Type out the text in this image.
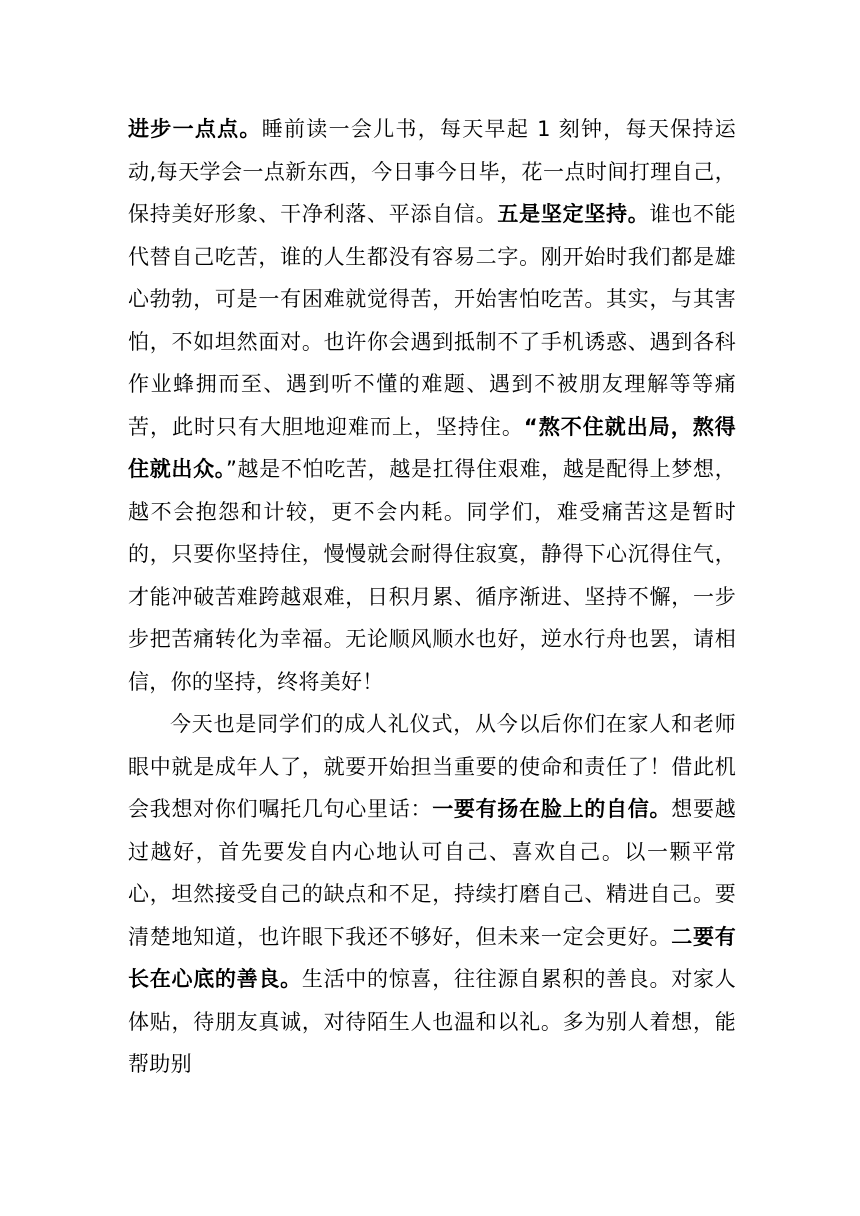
进步一点点。睡前读一会儿书，每天早起 1 刻钟，每天保持运动,每天学会一点新东西，今日事今日毕，花一点时间打理自己，保持美好形象、干净利落、平添自信。五是坚定坚持。谁也不能代替自己吃苦，谁的人生都没有容易二字。刚开始时我们都是雄心勃勃，可是一有困难就觉得苦，开始害怕吃苦。其实，与其害怕，不如坦然面对。也许你会遇到抵制不了手机诱惑、遇到各科作业蜂拥而至、遇到听不懂的难题、遇到不被朋友理解等等痛苦，此时只有大胆地迎难而上，坚持住。“熬不住就出局，熬得住就出众。”越是不怕吃苦，越是扛得住艰难，越是配得上梦想，越不会抱怨和计较，更不会内耗。同学们，难受痛苦这是暂时的，只要你坚持住，慢慢就会耐得住寂寞，静得下心沉得住气，才能冲破苦难跨越艰难，日积月累、循序渐进、坚持不懈，一步步把苦痛转化为幸福。无论顺风顺水也好，逆水行舟也罢，请相信，你的坚持，终将美好！

今天也是同学们的成人礼仪式，从今以后你们在家人和老师眼中就是成年人了，就要开始担当重要的使命和责任了！借此机会我想对你们嘱托几句心里话：一要有扬在脸上的自信。想要越过越好，首先要发自内心地认可自己、喜欢自己。以一颗平常心，坦然接受自己的缺点和不足，持续打磨自己、精进自己。要清楚地知道，也许眼下我还不够好，但未来一定会更好。二要有长在心底的善良。生活中的惊喜，往往源自累积的善良。对家人体贴，待朋友真诚，对待陌生人也温和以礼。多为别人着想，能帮助别
